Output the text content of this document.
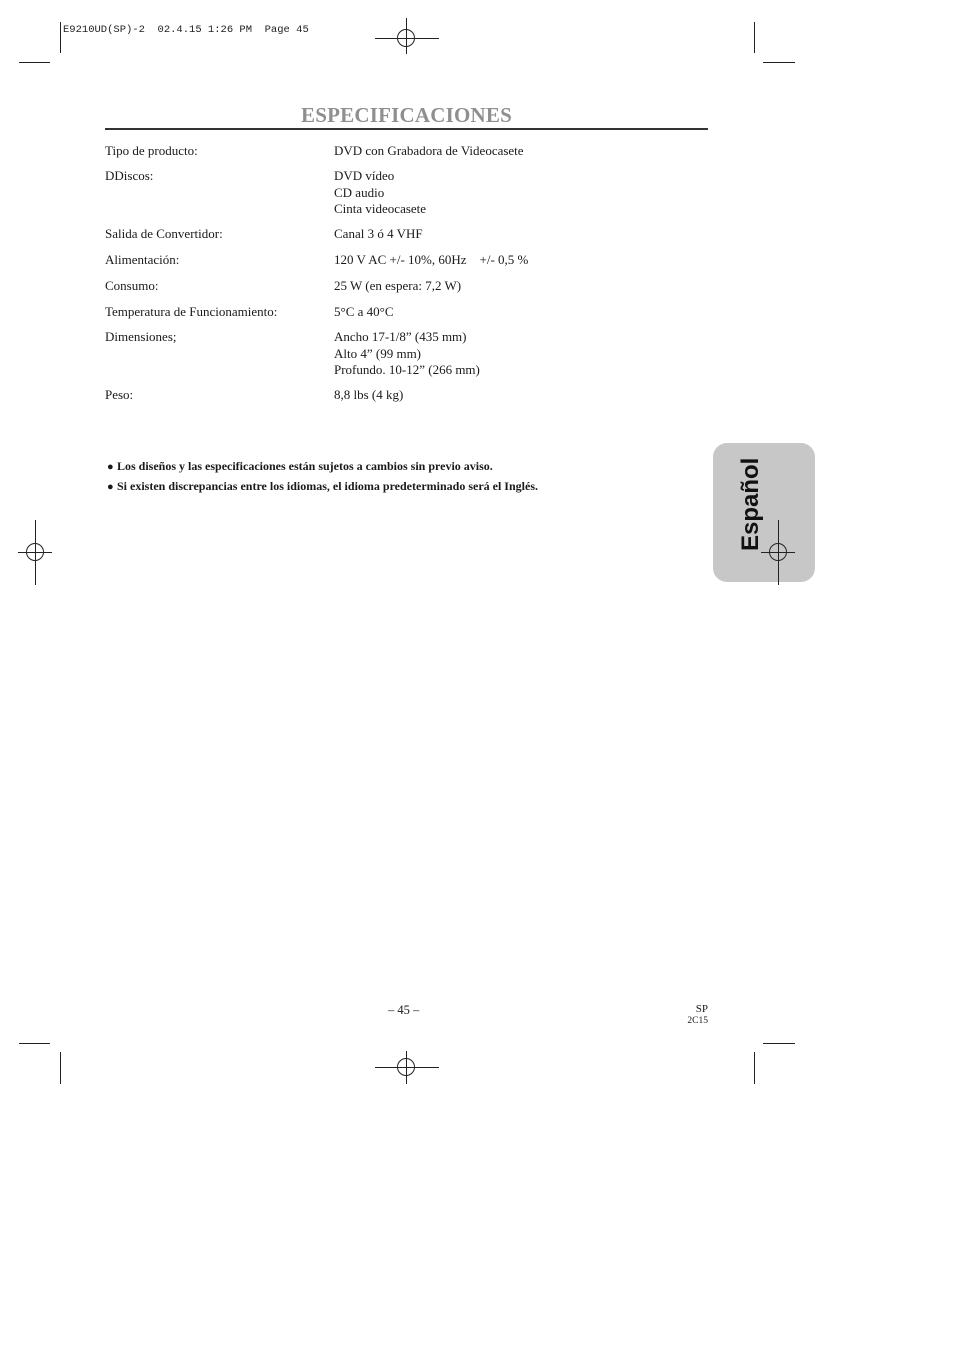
E9210UD(SP)-2  02.4.15 1:26 PM  Page 45
ESPECIFICACIONES
Tipo de producto:	DVD con Grabadora de Videocasete
DDiscos:	DVD vídeo
CD audio
Cinta videocasete
Salida de Convertidor:	Canal 3 ó 4 VHF
Alimentación:	120 V AC +/- 10%, 60Hz    +/- 0,5 %
Consumo:	25 W (en espera: 7,2 W)
Temperatura de Funcionamiento:	5°C a 40°C
Dimensiones;	Ancho 17-1/8” (435 mm)
Alto 4” (99 mm)
Profundo. 10-12” (266 mm)
Peso:	8,8 lbs (4 kg)
● Los diseños y las especificaciones están sujetos a cambios sin previo aviso.
● Si existen discrepancias entre los idiomas, el idioma predeterminado será el Inglés.	Español
– 45 –	SP
2C15
